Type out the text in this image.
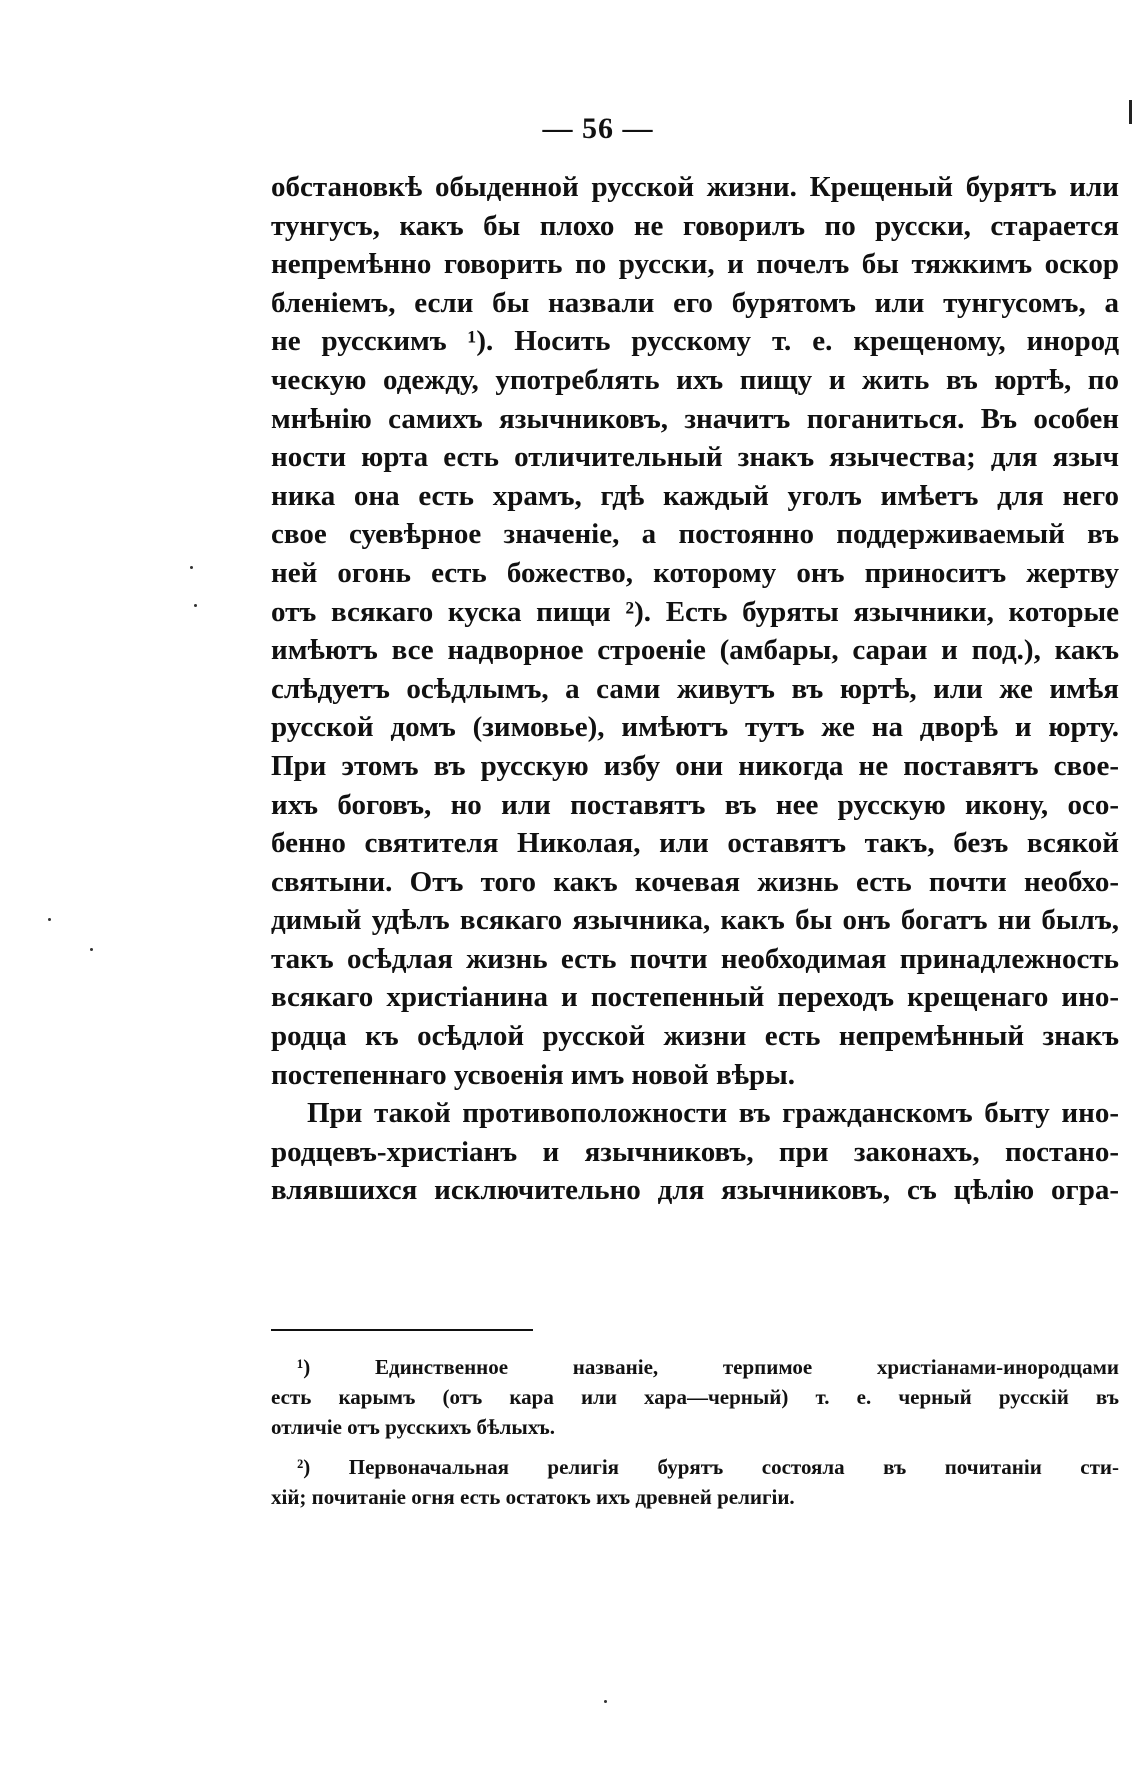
— 56 —
обстановкѣ обыденной русской жизни. Крещеный бурятъ или
тунгусъ, какъ бы плохо не говорилъ по русски, старается
непремѣнно говорить по русски, и почелъ бы тяжкимъ оскор
бленіемъ, если бы назвали его бурятомъ или тунгусомъ, а
не русскимъ ¹). Носить русскому т. е. крещеному, инород
ческую одежду, употреблять ихъ пищу и жить въ юртѣ, по
мнѣнію самихъ язычниковъ, значитъ поганиться. Въ особен
ности юрта есть отличительный знакъ язычества; для языч
ника она есть храмъ, гдѣ каждый уголъ имѣетъ для него
свое суевѣрное значеніе, а постоянно поддерживаемый въ
ней огонь есть божество, которому онъ приноситъ жертву
отъ всякаго куска пищи ²). Есть буряты язычники, которые
имѣютъ все надворное строеніе (амбары, сараи и под.), какъ
слѣдуетъ осѣдлымъ, а сами живутъ въ юртѣ, или же имѣя
русской домъ (зимовье), имѣютъ тутъ же на дворѣ и юрту.
При этомъ въ русскую избу они никогда не поставятъ свое-
ихъ боговъ, но или поставятъ въ нее русскую икону, осо-
бенно святителя Николая, или оставятъ такъ, безъ всякой
святыни. Отъ того какъ кочевая жизнь есть почти необхо-
димый удѣлъ всякаго язычника, какъ бы онъ богатъ ни былъ,
такъ осѣдлая жизнь есть почти необходимая принадлежность
всякаго христіанина и постепенный переходъ крещенаго ино-
родца къ осѣдлой русской жизни есть непремѣнный знакъ
постепеннаго усвоенія имъ новой вѣры.
При такой противоположности въ гражданскомъ быту ино-
родцевъ-христіанъ и язычниковъ, при законахъ, постано-
влявшихся исключительно для язычниковъ, съ цѣлію огра-
¹) Единственное названіе, терпимое христіанами-инородцами
есть карымъ (отъ кара или хара—черный) т. е. черный русскій въ
отличіе отъ русскихъ бѣлыхъ.
²) Первоначальная религія бурятъ состояла въ почитаніи сти-
хій; почитаніе огня есть остатокъ ихъ древней религіи.
